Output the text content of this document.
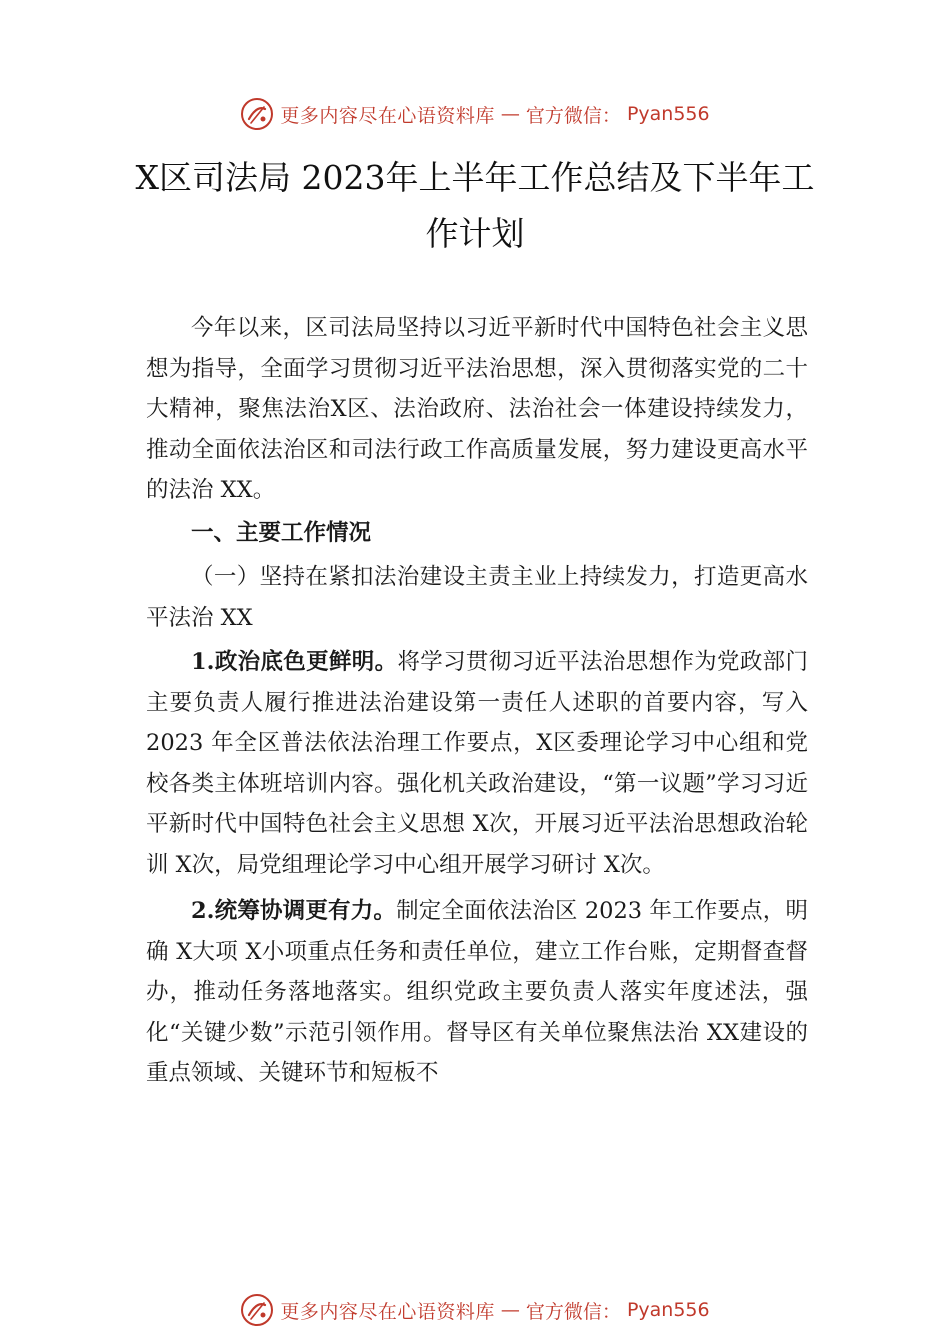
更多内容尽在心语资料库 — 官方微信： Pyan556
X区司法局 2023年上半年工作总结及下半年工作计划

今年以来，区司法局坚持以习近平新时代中国特色社会主义思想为指导，全面学习贯彻习近平法治思想，深入贯彻落实党的二十大精神，聚焦法治X区、法治政府、法治社会一体建设持续发力，推动全面依法治区和司法行政工作高质量发展，努力建设更高水平的法治 XX。

一、主要工作情况

（一）坚持在紧扣法治建设主责主业上持续发力，打造更高水平法治 XX

1.政治底色更鲜明。将学习贯彻习近平法治思想作为党政部门主要负责人履行推进法治建设第一责任人述职的首要内容，写入 2023 年全区普法依法治理工作要点，X区委理论学习中心组和党校各类主体班培训内容。强化机关政治建设，“第一议题”学习习近平新时代中国特色社会主义思想 X次，开展习近平法治思想政治轮训 X次，局党组理论学习中心组开展学习研讨 X次。

2.统筹协调更有力。制定全面依法治区 2023 年工作要点，明确 X大项 X小项重点任务和责任单位，建立工作台账，定期督查督办，推动任务落地落实。组织党政主要负责人落实年度述法，强化“关键少数”示范引领作用。督导区有关单位聚焦法治 XX建设的重点领域、关键环节和短板不

更多内容尽在心语资料库 — 官方微信： Pyan556
